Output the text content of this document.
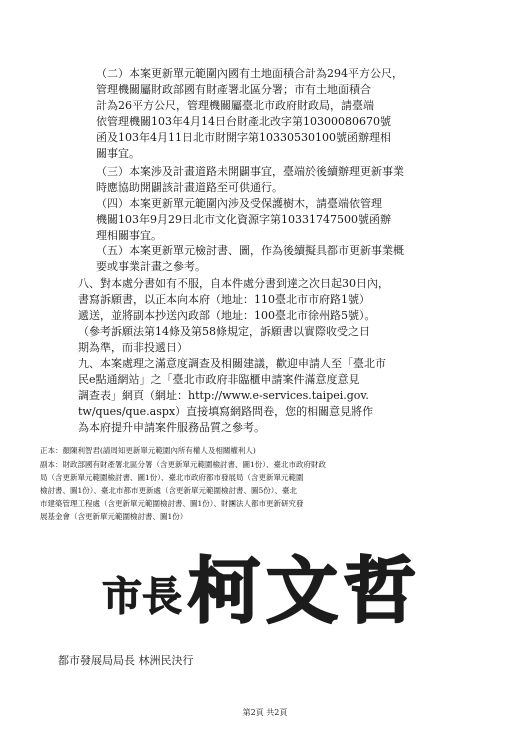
（二）本案更新單元範圍內國有土地面積合計為294平方公尺，
管理機關屬財政部國有財產署北區分署；市有土地面積合
計為26平方公尺，管理機關屬臺北市政府財政局，請臺端
依管理機關103年4月14日台財產北改字第10300080670號
函及103年4月11日北市財開字第10330530100號函辦理相
關事宜。
（三）本案涉及計畫道路未開闢事宜，臺端於後續辦理更新事業
時應協助開闢該計畫道路至可供通行。
（四）本案更新單元範圍內涉及受保護樹木，請臺端依管理
機關103年9月29日北市文化資源字第10331747500號函辦
理相關事宜。
（五）本案更新單元檢討書、圖，作為後續擬具都市更新事業概
要或事業計畫之參考。
八、對本處分書如有不服，自本件處分書到達之次日起30日內，
書寫訴願書，以正本向本府（地址：110臺北市市府路1號）
遞送，並將副本抄送內政部（地址：100臺北市徐州路5號）。
（參考訴願法第14條及第58條規定，訴願書以實際收受之日
期為準，而非投遞日）
九、本案處理之滿意度調查及相關建議，歡迎申請人至「臺北市
民e點通網站」之「臺北市政府非臨櫃申請案件滿意度意見
調查表」網頁（網址：http://www.e-services.taipei.gov.
tw/ques/que.aspx）直接填寫網路問卷，您的相關意見將作
為本府提升申請案件服務品質之參考。
正本：顏陳利智君(請周知更新單元範圍內所有權人及相關權利人)
副本：財政部國有財產署北區分署（含更新單元範圍檢討書、圖1份）、臺北市政府財政
局（含更新單元範圍檢討書、圖1份）、臺北市政府都市發展局（含更新單元範圍
檢討書、圖1份）、臺北市都市更新處（含更新單元範圍檢討書、圖5份）、臺北
市建築管理工程處（含更新單元範圍檢討書、圖1份）、財團法人都市更新研究發
展基金會（含更新單元範圍檢討書、圖1份）
市長 柯文哲
都市發展局局長 林洲民決行
第2頁 共2頁
